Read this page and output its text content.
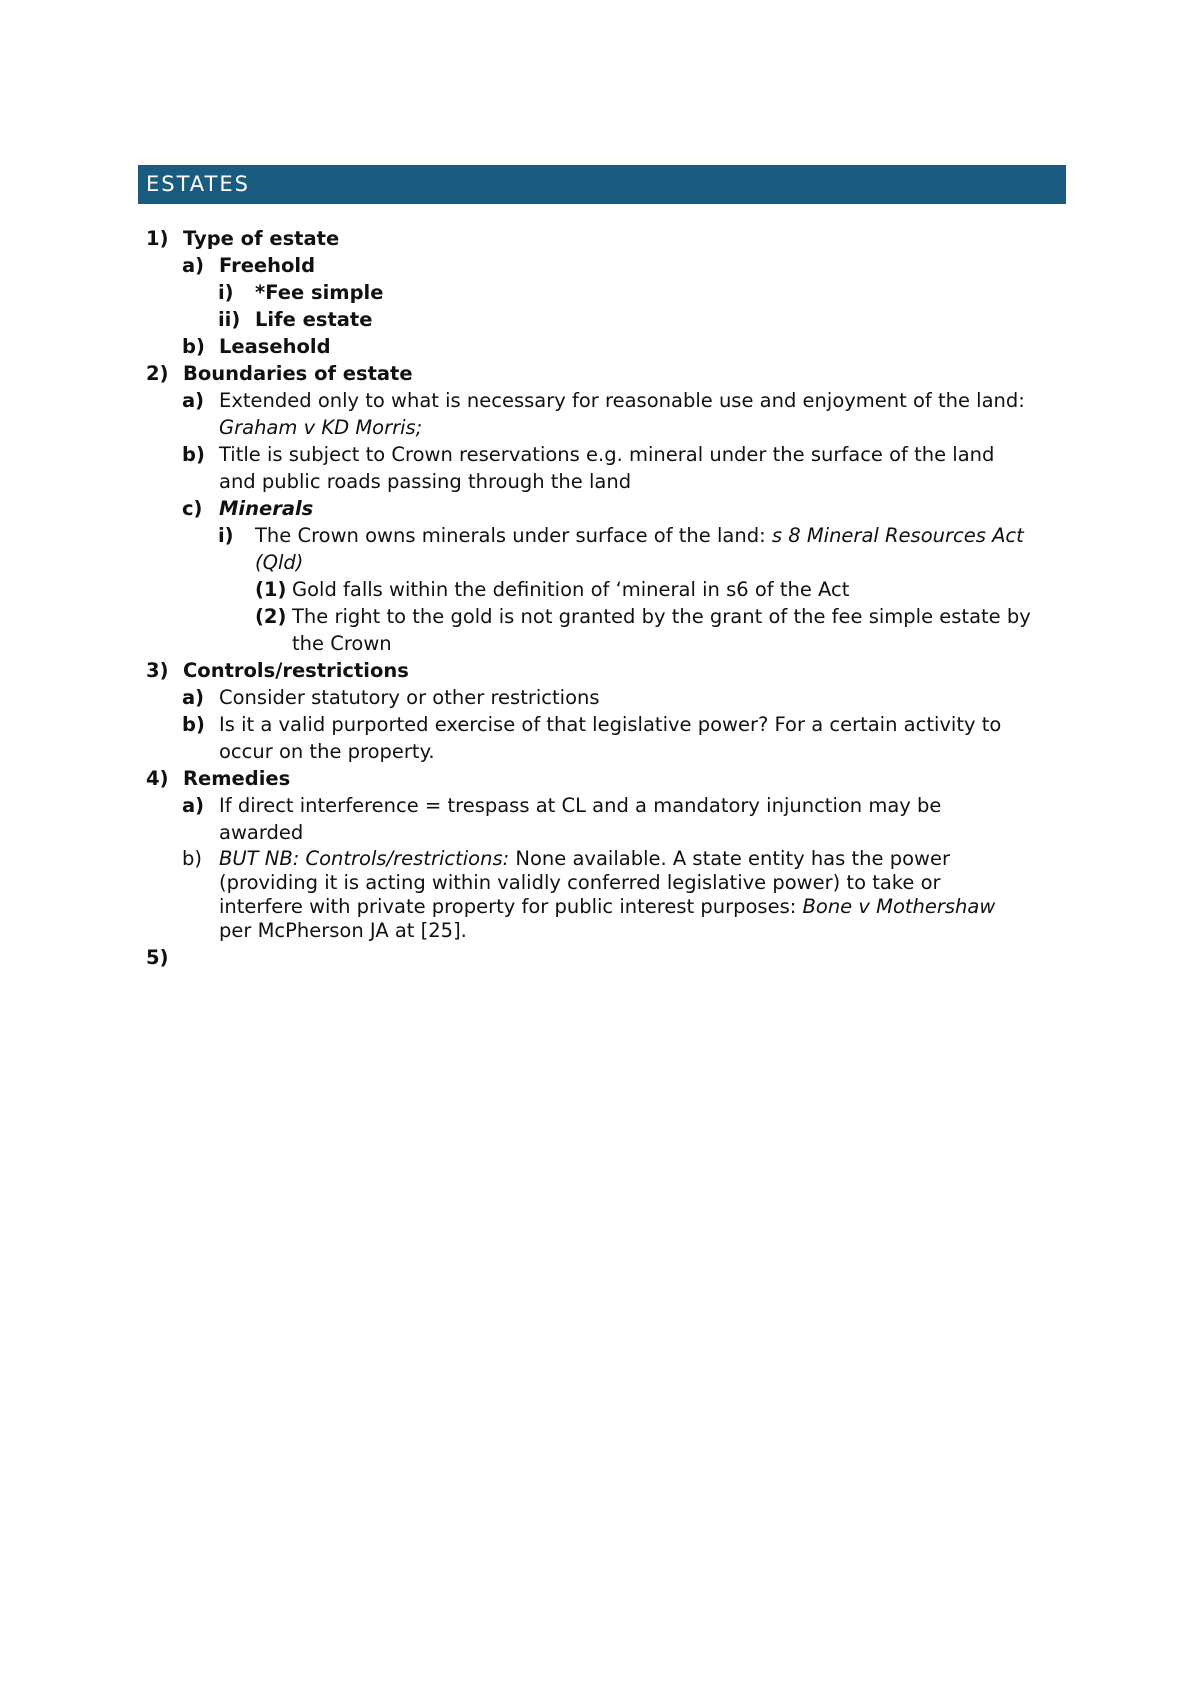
ESTATES
1) Type of estate
a) Freehold
i) *Fee simple
ii) Life estate
b) Leasehold
2) Boundaries of estate
a) Extended only to what is necessary for reasonable use and enjoyment of the land:
Graham v KD Morris;
b) Title is subject to Crown reservations e.g. mineral under the surface of the land
and public roads passing through the land
c) Minerals
i) The Crown owns minerals under surface of the land: s 8 Mineral Resources Act
(Qld)
(1) Gold falls within the definition of ‘mineral in s6 of the Act
(2) The right to the gold is not granted by the grant of the fee simple estate by
the Crown
3) Controls/restrictions
a) Consider statutory or other restrictions
b) Is it a valid purported exercise of that legislative power? For a certain activity to
occur on the property.
4) Remedies
a) If direct interference = trespass at CL and a mandatory injunction may be
awarded
b) BUT NB: Controls/restrictions: None available. A state entity has the power
(providing it is acting within validly conferred legislative power) to take or
interfere with private property for public interest purposes: Bone v Mothershaw
per McPherson JA at [25].
5)
